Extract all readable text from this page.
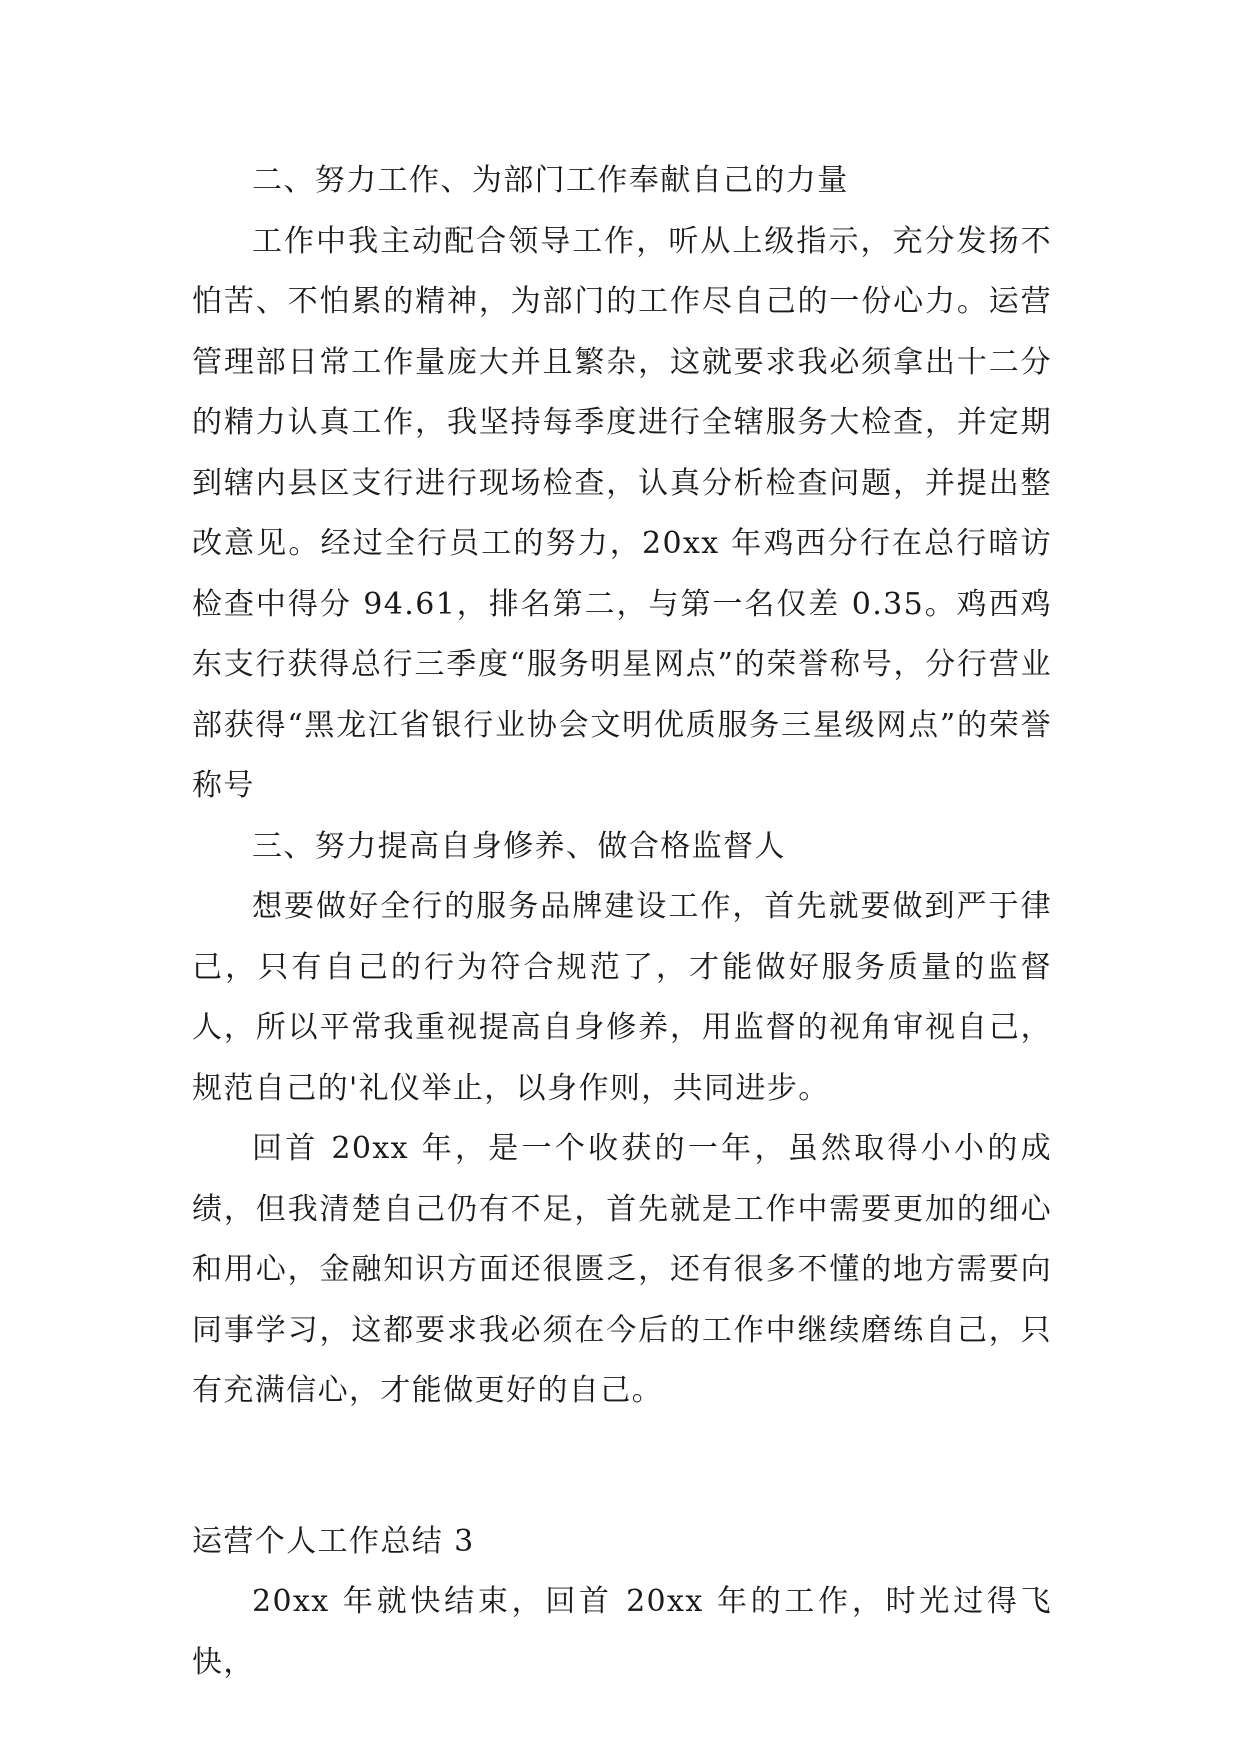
二、努力工作、为部门工作奉献自己的力量

工作中我主动配合领导工作，听从上级指示，充分发扬不怕苦、不怕累的精神，为部门的工作尽自己的一份心力。运营管理部日常工作量庞大并且繁杂，这就要求我必须拿出十二分的精力认真工作，我坚持每季度进行全辖服务大检查，并定期到辖内县区支行进行现场检查，认真分析检查问题，并提出整改意见。经过全行员工的努力，20xx 年鸡西分行在总行暗访检查中得分 94.61，排名第二，与第一名仅差 0.35。鸡西鸡东支行获得总行三季度“服务明星网点”的荣誉称号，分行营业部获得“黑龙江省银行业协会文明优质服务三星级网点”的荣誉称号

三、努力提高自身修养、做合格监督人

想要做好全行的服务品牌建设工作，首先就要做到严于律己，只有自己的行为符合规范了，才能做好服务质量的监督人，所以平常我重视提高自身修养，用监督的视角审视自己，规范自己的'礼仪举止，以身作则，共同进步。

回首 20xx 年，是一个收获的一年，虽然取得小小的成绩，但我清楚自己仍有不足，首先就是工作中需要更加的细心和用心，金融知识方面还很匮乏，还有很多不懂的地方需要向同事学习，这都要求我必须在今后的工作中继续磨练自己，只有充满信心，才能做更好的自己。

运营个人工作总结 3

20xx 年就快结束，回首 20xx 年的工作，时光过得飞快，
